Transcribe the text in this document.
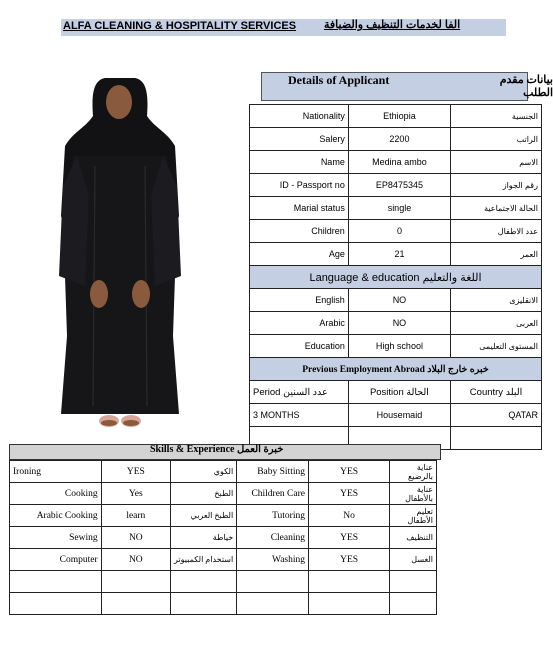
ALFA CLEANING & HOSPITALITY SERVICES	الفا لخدمات التنظيف والضيافة
Details of Applicant	بيانات مقدم الطلب
Nationality	Ethiopia	الجنسية
Salery	2200	الراتب
Name	Medina ambo	الاسم
ID - Passport no	EP8475345	رقم الجواز
Marial status	single	الحالة الاجتماعية
Children	0	عدد الاطفال
Age	21	العمر
Language & education اللغة والتعليم		
English	NO	الانقليزى
Arabic	NO	العربى
Education	High school	المستوى التعليمى
Previous Employment Abroad خبره خارج البلاد		
Period عدد السنين	Position الحالة	Country البلد
3 MONTHS	Housemaid	QATAR

Skills & Experience خبرة العمل
Ironing	YES	الكوي	Baby Sitting	YES	عناية بالرضيع
Cooking	Yes	الطبخ	Children Care	YES	عناية بالأطفال
Arabic Cooking	learn	الطبخ العربي	Tutoring	No	تعليم الأطفال
Sewing	NO	خياطة	Cleaning	YES	التنظيف
Computer	NO	استخدام الكمبيوتر	Washing	YES	الغسل
